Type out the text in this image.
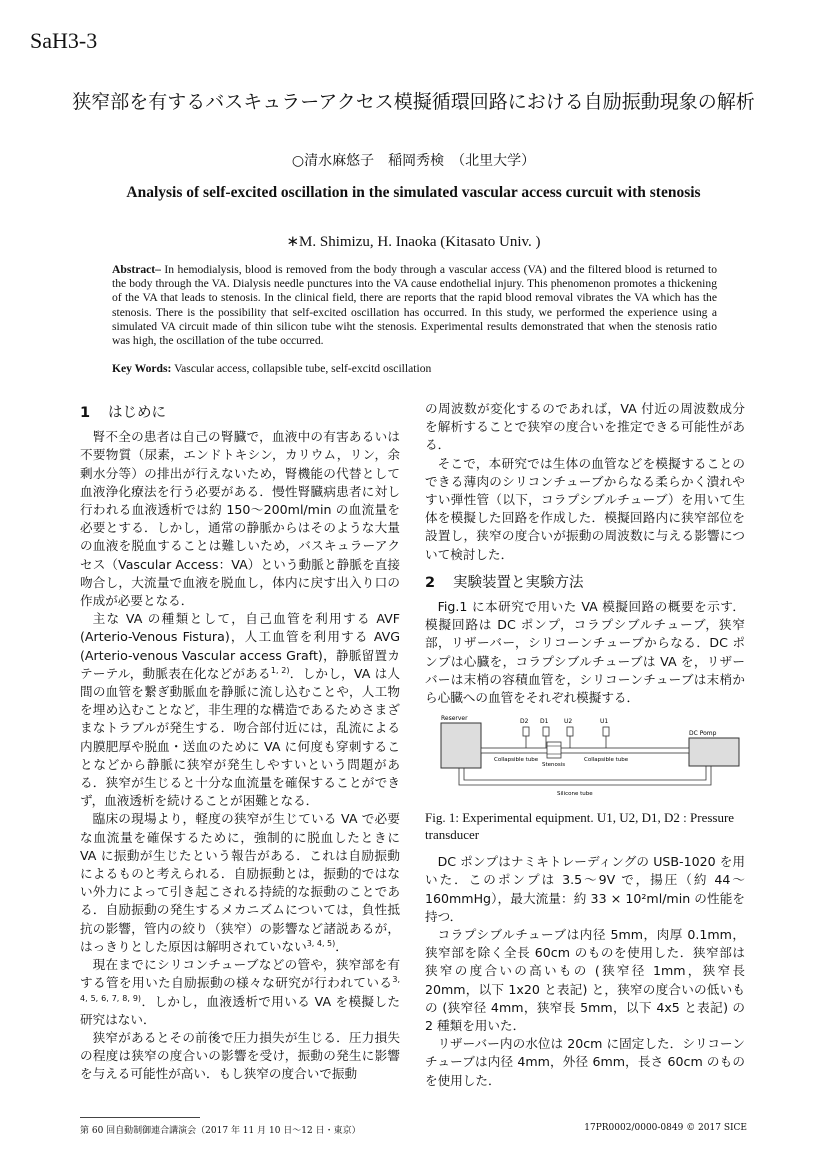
SaH3-3
狭窄部を有するバスキュラーアクセス模擬循環回路における自励振動現象の解析
○清水麻悠子　稲岡秀検　（北里大学）
Analysis of self-excited oscillation in the simulated vascular access curcuit with stenosis
∗M. Shimizu, H. Inaoka (Kitasato Univ. )
Abstract– In hemodialysis, blood is removed from the body through a vascular access (VA) and the filtered blood is returned to the body through the VA. Dialysis needle punctures into the VA cause endothelial injury. This phenomenon promotes a thickening of the VA that leads to stenosis. In the clinical field, there are reports that the rapid blood removal vibrates the VA which has the stenosis. There is the possibility that self-excited oscillation has occurred. In this study, we performed the experience using a simulated VA circuit made of thin silicon tube wiht the stenosis. Experimental results demonstrated that when the stenosis ratio was high, the oscillation of the tube occurred.
Key Words: Vascular access, collapsible tube, self-excitd oscillation
1 はじめに

腎不全の患者は自己の腎臓で，血液中の有害あるいは不要物質（尿素，エンドトキシン，カリウム，リン，余剰水分等）の排出が行えないため，腎機能の代替として血液浄化療法を行う必要がある．慢性腎臓病患者に対し行われる血液透析では約 150〜200ml/min の血流量を必要とする．しかし，通常の静脈からはそのような大量の血液を脱血することは難しいため，バスキュラーアクセス（Vascular Access：VA）という動脈と静脈を直接吻合し，大流量で血液を脱血し，体内に戻す出入り口の作成が必要となる．

主な VA の種類として，自己血管を利用する AVF (Arterio-Venous Fistura)，人工血管を利用する AVG (Arterio-venous Vascular access Graft)，静脈留置カテーテル，動脈表在化などがある$^{1, 2)}$．しかし，VA は人間の血管を繋ぎ動脈血を静脈に流し込むことや，人工物を埋め込むことなど，非生理的な構造であるためさまざまなトラブルが発生する．吻合部付近には，乱流による内膜肥厚や脱血・送血のために VA に何度も穿刺することなどから静脈に狭窄が発生しやすいという問題がある．狭窄が生じると十分な血流量を確保することができず，血液透析を続けることが困難となる．

臨床の現場より，軽度の狭窄が生じている VA で必要な血流量を確保するために，強制的に脱血したときに VA に振動が生じたという報告がある．これは自励振動によるものと考えられる．自励振動とは，振動的ではない外力によって引き起こされる持続的な振動のことである．自励振動の発生するメカニズムについては，負性抵抗の影響，管内の絞り（狭窄）の影響など諸説あるが，はっきりとした原因は解明されていない$^{3, 4, 5)}$．

現在までにシリコンチューブなどの管や，狭窄部を有する管を用いた自励振動の様々な研究が行われている$^{3, 4, 5, 6, 7, 8, 9)}$．しかし，血液透析で用いる VA を模擬した研究はない．

狭窄があるとその前後で圧力損失が生じる．圧力損失の程度は狭窄の度合いの影響を受け，振動の発生に影響を与える可能性が高い．もし狭窄の度合いで振動

の周波数が変化するのであれば，VA 付近の周波数成分を解析することで狭窄の度合いを推定できる可能性がある．

そこで，本研究では生体の血管などを模擬することのできる薄肉のシリコンチューブからなる柔らかく潰れやすい弾性管（以下，コラプシブルチューブ）を用いて生体を模擬した回路を作成した．模擬回路内に狭窄部位を設置し，狭窄の度合いが振動の周波数に与える影響について検討した．

2 実験装置と実験方法

Fig.1 に本研究で用いた VA 模擬回路の概要を示す．模擬回路は DC ポンプ，コラプシブルチューブ，狭窄部，リザーバー，シリコーンチューブからなる．DC ポンプは心臓を，コラプシブルチューブは VA を，リザーバーは末梢の容積血管を，シリコーンチューブは末梢から心臓への血管をそれぞれ模擬する．

Reserver
DC Pomp
Stenosis
D2 D1	U2	U1
Collapsible tube	Collapsible tube
Silicone tube
Fig. 1: Experimental equipment. U1, U2, D1, D2 : Pressure transducer

DC ポンプはナミキトレーディングの USB-1020 を用いた．このポンプは 3.5〜9V で，揚圧（約 44〜160mmHg），最大流量：約 33 × 10²ml/min の性能を持つ．

コラプシブルチューブは内径 5mm，肉厚 0.1mm，狭窄部を除く全長 60cm のものを使用した．狭窄部は狭窄の度合いの高いもの (狭窄径 1mm，狭窄長 20mm，以下 1x20 と表記) と，狭窄の度合いの低いもの (狭窄径 4mm，狭窄長 5mm，以下 4x5 と表記) の 2 種類を用いた．

リザーバー内の水位は 20cm に固定した．シリコーンチューブは内径 4mm，外径 6mm，長さ 60cm のものを使用した．

第 60 回自動制御連合講演会（2017 年 11 月 10 日〜12 日・東京）	17PR0002/0000-0849 © 2017 SICE
